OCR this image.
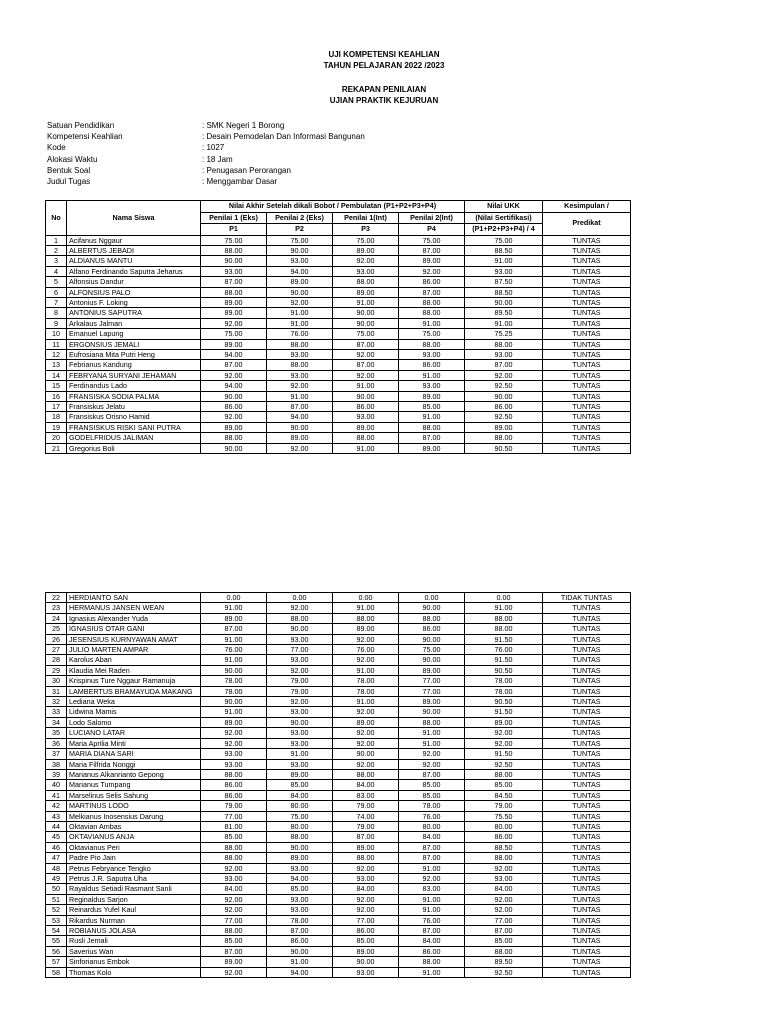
UJI KOMPETENSI KEAHLIAN
TAHUN PELAJARAN 2022 /2023
REKAPAN PENILAIAN
UJIAN PRAKTIK KEJURUAN
Satuan Pendidikan	: SMK Negeri 1 Borong
Kompetensi Keahlian	: Desain Pemodelan Dan Informasi Bangunan
Kode	: 1027
Alokasi Waktu	: 18 Jam
Bentuk Soal	: Penugasan Perorangan
Judul Tugas	: Menggambar Dasar
No	Nama Siswa	Nilai Akhir Setelah dikali Bobot / Pembulatan (P1+P2+P3+P4)				Nilai UKK	Kesimpulan /
		Penilai 1 (Eks)	Penilai 2 (Eks)	Penilai 1(Int)	Penilai 2(Int)	(Nilai Sertifikasi)	Predikat
		P1	P2	P3	P4	(P1+P2+P3+P4) / 4	
1	Acifanus Nggaur	75.00	75.00	75.00	75.00	75.00	TUNTAS
2	ALBERTUS JEBADI	88.00	90.00	89.00	87.00	88.50	TUNTAS
3	ALDIANUS MANTU	90.00	93.00	92.00	89.00	91.00	TUNTAS
4	Alfano Ferdinando Saputra Jeharus	93.00	94.00	93.00	92.00	93.00	TUNTAS
5	Alfonsius Dandur	87.00	89.00	88.00	86.00	87.50	TUNTAS
6	ALFONSIUS PALO	88.00	90.00	89.00	87.00	88.50	TUNTAS
7	Antonius F. Loking	89.00	92.00	91.00	88.00	90.00	TUNTAS
8	ANTONIUS SAPUTRA	89.00	91.00	90.00	88.00	89.50	TUNTAS
9	Arkalaus Jalman	92.00	91.00	90.00	91.00	91.00	TUNTAS
10	Emanuel Lapung	75.00	76.00	75.00	75.00	75.25	TUNTAS
11	ERGONSIUS JEMALI	89.00	88.00	87.00	88.00	88.00	TUNTAS
12	Eufrosiana Mita Putri Heng	94.00	93.00	92.00	93.00	93.00	TUNTAS
13	Febrianus Kandung	87.00	88.00	87.00	86.00	87.00	TUNTAS
14	FEBRYANA SURYANI JEHAMAN	92.00	93.00	92.00	91.00	92.00	TUNTAS
15	Ferdinandus Lado	94.00	92.00	91.00	93.00	92.50	TUNTAS
16	FRANSISKA SODIA PALMA	90.00	91.00	90.00	89.00	90.00	TUNTAS
17	Fransiskus Jelatu	86.00	87.00	86.00	85.00	86.00	TUNTAS
18	Fransiskus Orisno Hamid	92.00	94.00	93.00	91.00	92.50	TUNTAS
19	FRANSISKUS RISKI SANI PUTRA	89.00	90.00	89.00	88.00	89.00	TUNTAS
20	GODELFRIDUS JALIMAN	88.00	89.00	88.00	87.00	88.00	TUNTAS
21	Gregorius Boli	90.00	92.00	91.00	89.00	90.50	TUNTAS
22	HERDIANTO SAN	0.00	0.00	0.00	0.00	0.00	TIDAK TUNTAS
23	HERMANUS JANSEN WEAN	91.00	92.00	91.00	90.00	91.00	TUNTAS
24	Ignasius Alexander Yuda	89.00	88.00	88.00	88.00	88.00	TUNTAS
25	IGNASIUS OTAR GANI	87.00	90.00	89.00	86.00	88.00	TUNTAS
26	JESENSIUS KURNYAWAN AMAT	91.00	93.00	92.00	90.00	91.50	TUNTAS
27	JULIO MARTEN AMPAR	76.00	77.00	76.00	75.00	76.00	TUNTAS
28	Karolus Aban	91.00	93.00	92.00	90.00	91.50	TUNTAS
29	Klaudia Mei Raden	90.00	92.00	91.00	89.00	90.50	TUNTAS
30	Krispinus Ture Nggaur Ramanuja	78.00	79.00	78.00	77.00	78.00	TUNTAS
31	LAMBERTUS BRAMAYUDA MAKANG	78.00	79.00	78.00	77.00	78.00	TUNTAS
32	Lediana Weka	90.00	92.00	91.00	89.00	90.50	TUNTAS
33	Lidwina Mamis	91.00	93.00	92.00	90.00	91.50	TUNTAS
34	Lodo Salomo	89.00	90.00	89.00	88.00	89.00	TUNTAS
35	LUCIANO LATAR	92.00	93.00	92.00	91.00	92.00	TUNTAS
36	Maria Aprilia Minti	92.00	93.00	92.00	91.00	92.00	TUNTAS
37	MARIA DIANA SARI	93.00	91.00	90.00	92.00	91.50	TUNTAS
38	Maria Filfrida Nonggi	93.00	93.00	92.00	92.00	92.50	TUNTAS
39	Marianus Alkanrianto Gepong	88.00	89.00	88.00	87.00	88.00	TUNTAS
40	Marianus Tumpang	86.00	85.00	84.00	85.00	85.00	TUNTAS
41	Marselinus Selis Sahung	86.00	84.00	83.00	85.00	84.50	TUNTAS
42	MARTINUS LODO	79.00	80.00	79.00	78.00	79.00	TUNTAS
43	Melkianus Inosensius Darung	77.00	75.00	74.00	76.00	75.50	TUNTAS
44	Oktavian Ambas	81.00	80.00	79.00	80.00	80.00	TUNTAS
45	OKTAVIANUS ANJA	85.00	88.00	87.00	84.00	86.00	TUNTAS
46	Oktavianus Peri	88.00	90.00	89.00	87.00	88.50	TUNTAS
47	Padre Pio Jain	88.00	89.00	88.00	87.00	88.00	TUNTAS
48	Petrus Febryance Tengko	92.00	93.00	92.00	91.00	92.00	TUNTAS
49	Petrus J.R. Saputra Uha	93.00	94.00	93.00	92.00	93.00	TUNTAS
50	Rayaldus Setiadi Rasmant Sanli	84.00	85.00	84.00	83.00	84.00	TUNTAS
51	Reginaldus Sarjon	92.00	93.00	92.00	91.00	92.00	TUNTAS
52	Reinardus Yufel Kaul	92.00	93.00	92.00	91.00	92.00	TUNTAS
53	Rikardus Nurman	77.00	78.00	77.00	76.00	77.00	TUNTAS
54	ROBIANUS JOLASA	88.00	87.00	86.00	87.00	87.00	TUNTAS
55	Rusli Jemali	85.00	86.00	85.00	84.00	85.00	TUNTAS
56	Saverius Wan	87.00	90.00	89.00	86.00	88.00	TUNTAS
57	Sinforianus Embok	89.00	91.00	90.00	88.00	89.50	TUNTAS
58	Thomas Kolo	92.00	94.00	93.00	91.00	92.50	TUNTAS
